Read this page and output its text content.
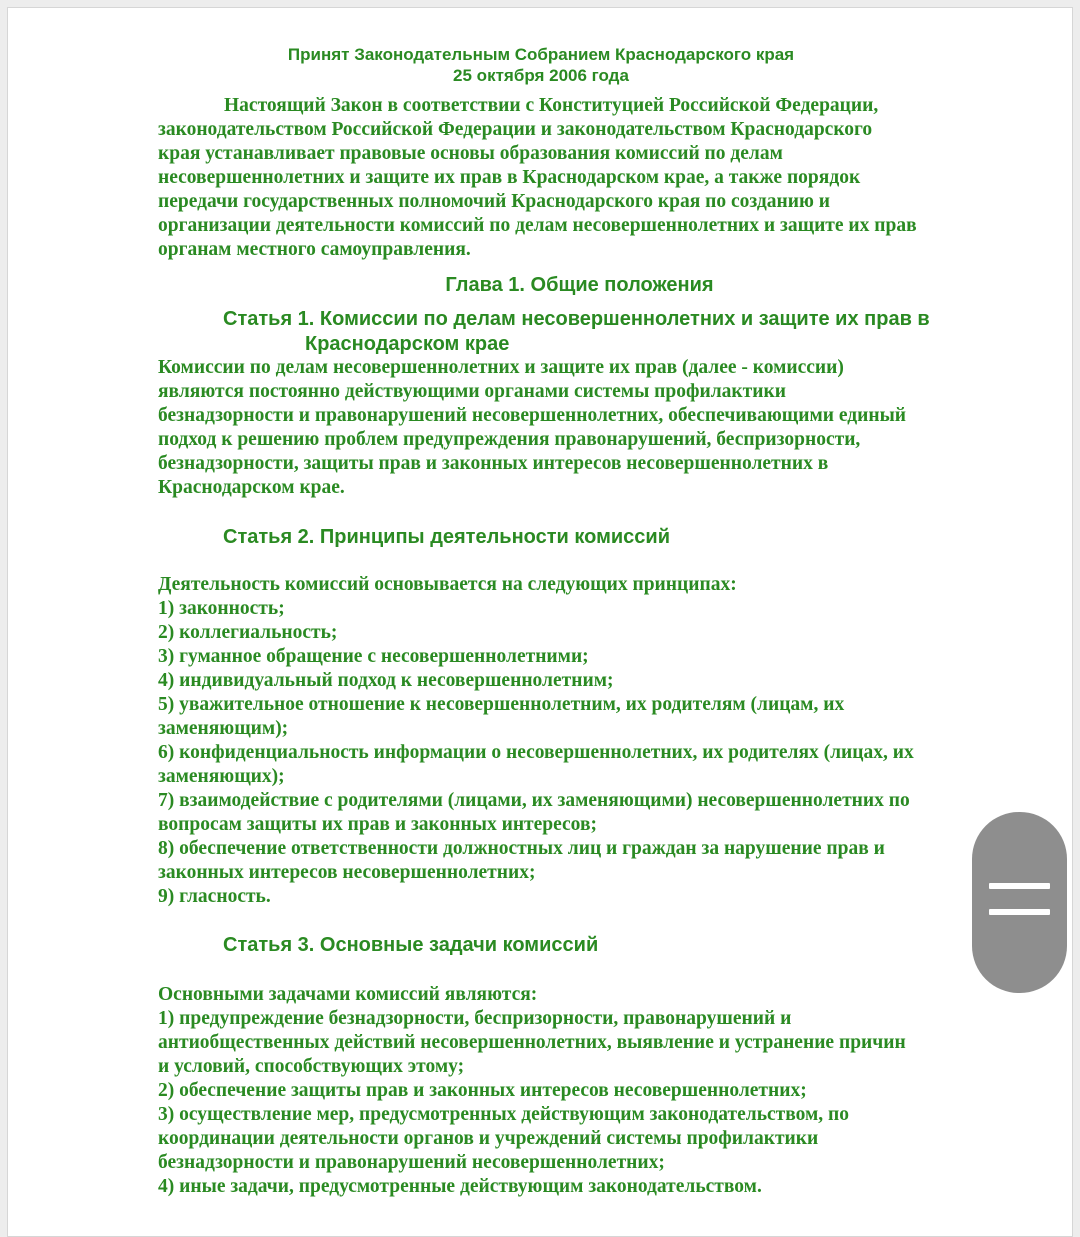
Принят Законодательным Собранием Краснодарского края
25 октября 2006 года
Настоящий Закон в соответствии с Конституцией Российской Федерации,
законодательством Российской Федерации и законодательством Краснодарского
края устанавливает правовые основы образования комиссий по делам
несовершеннолетних и защите их прав в Краснодарском крае, а также порядок
передачи государственных полномочий Краснодарского края по созданию и
организации деятельности комиссий по делам несовершеннолетних и защите их прав
органам местного самоуправления.
Глава 1. Общие положения
Статья 1. Комиссии по делам несовершеннолетних и защите их прав в
Краснодарском крае
Комиссии по делам несовершеннолетних и защите их прав (далее - комиссии)
являются постоянно действующими органами системы профилактики
безнадзорности и правонарушений несовершеннолетних, обеспечивающими единый
подход к решению проблем предупреждения правонарушений, беспризорности,
безнадзорности, защиты прав и законных интересов несовершеннолетних в
Краснодарском крае.
Статья 2. Принципы деятельности комиссий
Деятельность комиссий основывается на следующих принципах:
1) законность;
2) коллегиальность;
3) гуманное обращение с несовершеннолетними;
4) индивидуальный подход к несовершеннолетним;
5) уважительное отношение к несовершеннолетним, их родителям (лицам, их
заменяющим);
6) конфиденциальность информации о несовершеннолетних, их родителях (лицах, их
заменяющих);
7) взаимодействие с родителями (лицами, их заменяющими) несовершеннолетних по
вопросам защиты их прав и законных интересов;
8) обеспечение ответственности должностных лиц и граждан за нарушение прав и
законных интересов несовершеннолетних;
9) гласность.
Статья 3. Основные задачи комиссий
Основными задачами комиссий являются:
1) предупреждение безнадзорности, беспризорности, правонарушений и
антиобщественных действий несовершеннолетних, выявление и устранение причин
и условий, способствующих этому;
2) обеспечение защиты прав и законных интересов несовершеннолетних;
3) осуществление мер, предусмотренных действующим законодательством, по
координации деятельности органов и учреждений системы профилактики
безнадзорности и правонарушений несовершеннолетних;
4) иные задачи, предусмотренные действующим законодательством.
